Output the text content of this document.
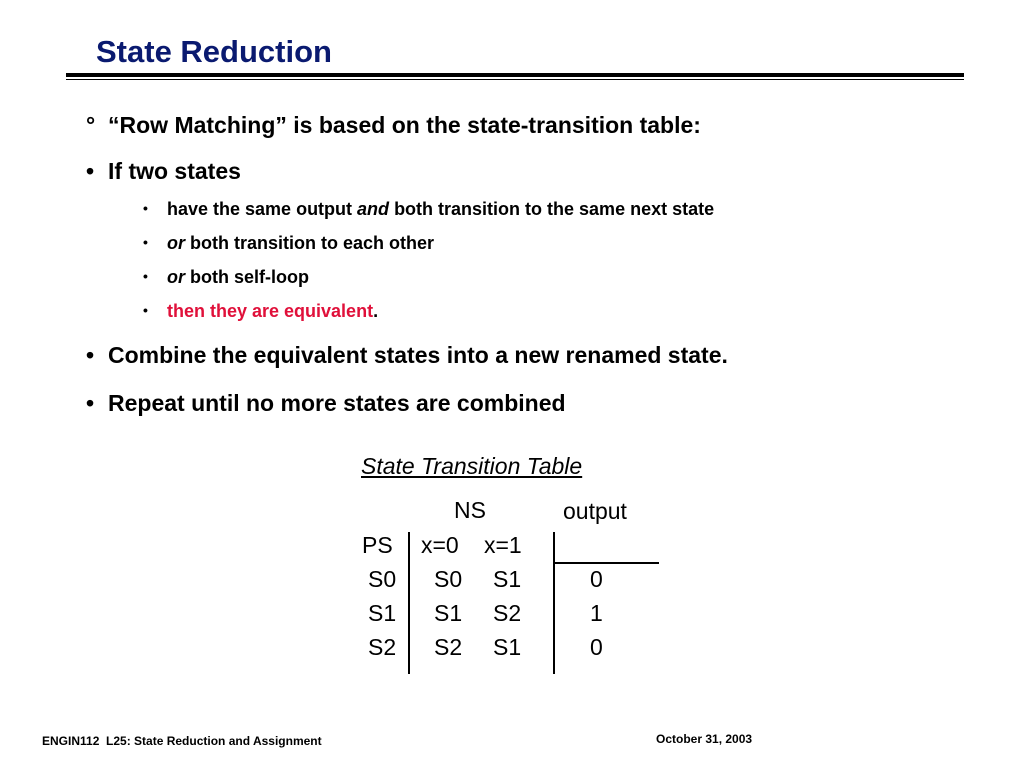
State Reduction
° “Row Matching” is based on the state-transition table:
• If two states
• have the same output and both transition to the same next state
• or both transition to each other
• or both self-loop
• then they are equivalent.
• Combine the equivalent states into a new renamed state.
• Repeat until no more states are combined
State Transition Table
NS	output
PS x=0 x=1
S0 S0 S1	0
S1 S1 S2	1
S2 S2 S1	0
ENGIN112  L25: State Reduction and Assignment	October 31, 2003
